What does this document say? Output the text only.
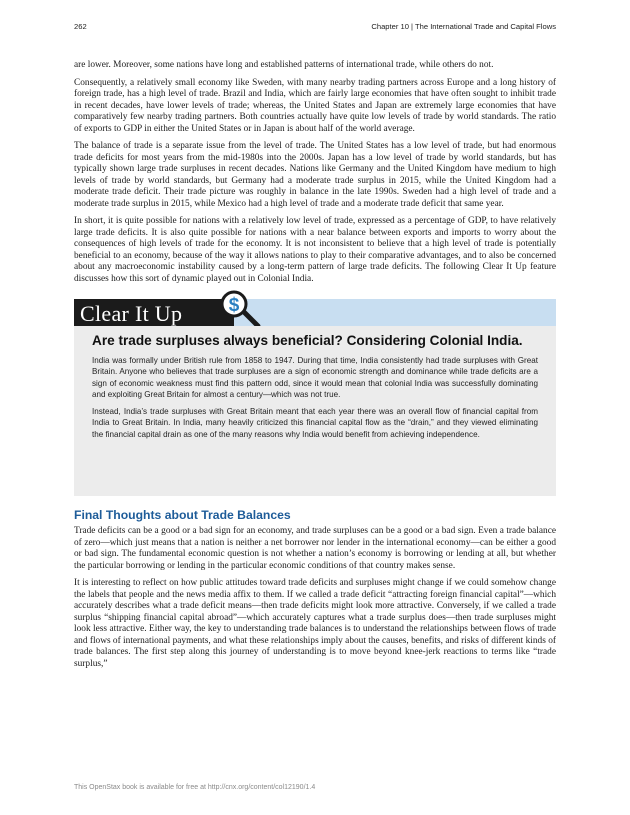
262	Chapter 10 | The International Trade and Capital Flows

are lower. Moreover, some nations have long and established patterns of international trade, while others do not.

Consequently, a relatively small economy like Sweden, with many nearby trading partners across Europe and a long history of foreign trade, has a high level of trade. Brazil and India, which are fairly large economies that have often sought to inhibit trade in recent decades, have lower levels of trade; whereas, the United States and Japan are extremely large economies that have comparatively few nearby trading partners. Both countries actually have quite low levels of trade by world standards. The ratio of exports to GDP in either the United States or in Japan is about half of the world average.

The balance of trade is a separate issue from the level of trade. The United States has a low level of trade, but had enormous trade deficits for most years from the mid-1980s into the 2000s. Japan has a low level of trade by world standards, but has typically shown large trade surpluses in recent decades. Nations like Germany and the United Kingdom have medium to high levels of trade by world standards, but Germany had a moderate trade surplus in 2015, while the United Kingdom had a moderate trade deficit. Their trade picture was roughly in balance in the late 1990s. Sweden had a high level of trade and a moderate trade surplus in 2015, while Mexico had a high level of trade and a moderate trade deficit that same year.

In short, it is quite possible for nations with a relatively low level of trade, expressed as a percentage of GDP, to have relatively large trade deficits. It is also quite possible for nations with a near balance between exports and imports to worry about the consequences of high levels of trade for the economy. It is not inconsistent to believe that a high level of trade is potentially beneficial to an economy, because of the way it allows nations to play to their comparative advantages, and to also be concerned about any macroeconomic instability caused by a long-term pattern of large trade deficits. The following Clear It Up feature discusses how this sort of dynamic played out in Colonial India.

Clear It Up $
Are trade surpluses always beneficial? Considering Colonial India.

India was formally under British rule from 1858 to 1947. During that time, India consistently had trade surpluses with Great Britain. Anyone who believes that trade surpluses are a sign of economic strength and dominance while trade deficits are a sign of economic weakness must find this pattern odd, since it would mean that colonial India was successfully dominating and exploiting Great Britain for almost a century—which was not true.

Instead, India’s trade surpluses with Great Britain meant that each year there was an overall flow of financial capital from India to Great Britain. In India, many heavily criticized this financial capital flow as the “drain,” and they viewed eliminating the financial capital drain as one of the many reasons why India would benefit from achieving independence.

Final Thoughts about Trade Balances

Trade deficits can be a good or a bad sign for an economy, and trade surpluses can be a good or a bad sign. Even a trade balance of zero—which just means that a nation is neither a net borrower nor lender in the international economy—can be either a good or bad sign. The fundamental economic question is not whether a nation’s economy is borrowing or lending at all, but whether the particular borrowing or lending in the particular economic conditions of that country makes sense.

It is interesting to reflect on how public attitudes toward trade deficits and surpluses might change if we could somehow change the labels that people and the news media affix to them. If we called a trade deficit “attracting foreign financial capital”—which accurately describes what a trade deficit means—then trade deficits might look more attractive. Conversely, if we called a trade surplus “shipping financial capital abroad”—which accurately captures what a trade surplus does—then trade surpluses might look less attractive. Either way, the key to understanding trade balances is to understand the relationships between flows of trade and flows of international payments, and what these relationships imply about the causes, benefits, and risks of different kinds of trade balances. The first step along this journey of understanding is to move beyond knee-jerk reactions to terms like “trade surplus,”

This OpenStax book is available for free at http://cnx.org/content/col12190/1.4
